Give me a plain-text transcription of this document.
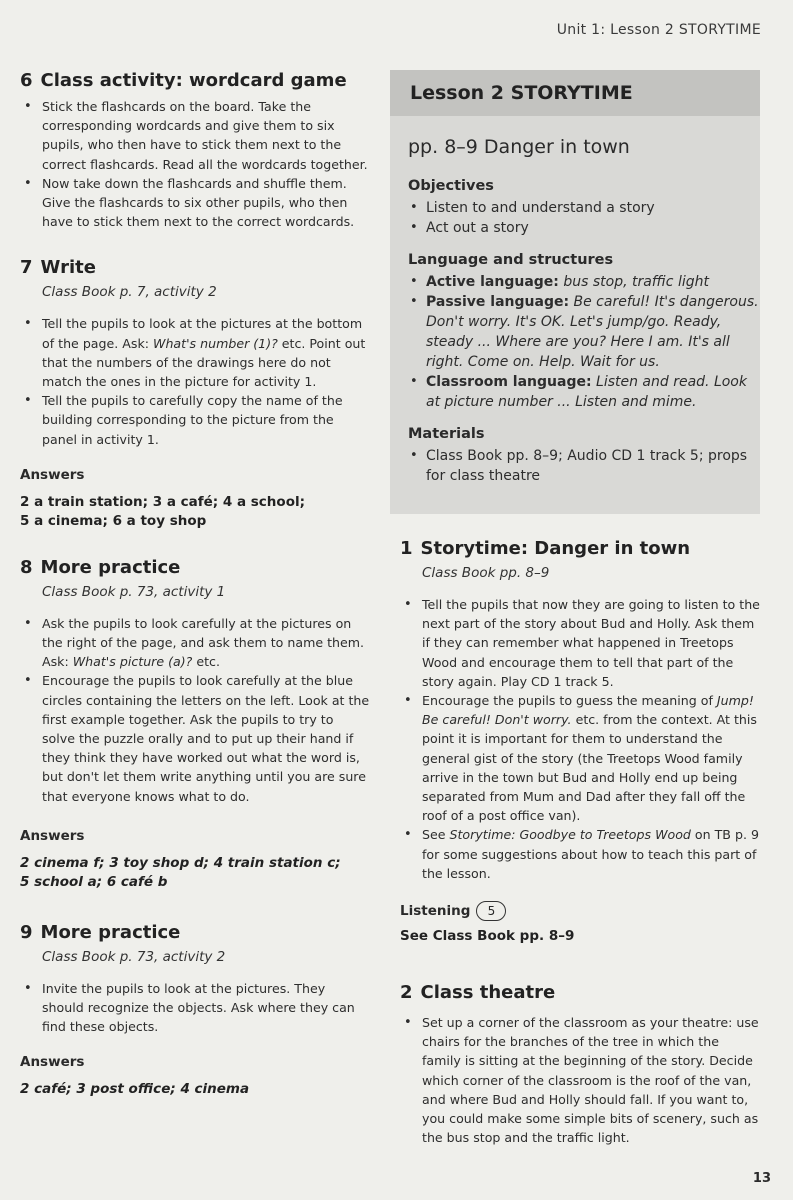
Unit 1: Lesson 2 STORYTIME
6 Class activity: wordcard game
• Stick the flashcards on the board. Take the corresponding wordcards and give them to six pupils, who then have to stick them next to the correct flashcards. Read all the wordcards together.
• Now take down the flashcards and shuffle them. Give the flashcards to six other pupils, who then have to stick them next to the correct wordcards.
7 Write

Class Book p. 7, activity 2

• Tell the pupils to look at the pictures at the bottom of the page. Ask: What's number (1)? etc. Point out that the numbers of the drawings here do not match the ones in the picture for activity 1.
• Tell the pupils to carefully copy the name of the building corresponding to the picture from the panel in activity 1.

Answers

2 a train station; 3 a café; 4 a school;
5 a cinema; 6 a toy shop

8 More practice

Class Book p. 73, activity 1

• Ask the pupils to look carefully at the pictures on the right of the page, and ask them to name them. Ask: What's picture (a)? etc.
• Encourage the pupils to look carefully at the blue circles containing the letters on the left. Look at the first example together. Ask the pupils to try to solve the puzzle orally and to put up their hand if they think they have worked out what the word is, but don't let them write anything until you are sure that everyone knows what to do.

Answers

2 cinema f; 3 toy shop d; 4 train station c;
5 school a; 6 café b

9 More practice

Class Book p. 73, activity 2

• Invite the pupils to look at the pictures. They should recognize the objects. Ask where they can find these objects.

Answers

2 café; 3 post office; 4 cinema

Lesson 2 STORYTIME

pp. 8–9 Danger in town

Objectives

• Listen to and understand a story
• Act out a story

Language and structures

• Active language: bus stop, traffic light
• Passive language: Be careful! It's dangerous. Don't worry. It's OK. Let's jump/go. Ready, steady ... Where are you? Here I am. It's all right. Come on. Help. Wait for us.
• Classroom language: Listen and read. Look at picture number ... Listen and mime.

Materials

• Class Book pp. 8–9; Audio CD 1 track 5; props for class theatre
1 Storytime: Danger in town

Class Book pp. 8–9

• Tell the pupils that now they are going to listen to the next part of the story about Bud and Holly. Ask them if they can remember what happened in Treetops Wood and encourage them to tell that part of the story again. Play CD 1 track 5.
• Encourage the pupils to guess the meaning of Jump! Be careful! Don't worry. etc. from the context. At this point it is important for them to understand the general gist of the story (the Treetops Wood family arrive in the town but Bud and Holly end up being separated from Mum and Dad after they fall off the roof of a post office van).
• See Storytime: Goodbye to Treetops Wood on TB p. 9 for some suggestions about how to teach this part of the lesson.

Listening	5

See Class Book pp. 8–9

2 Class theatre
• Set up a corner of the classroom as your theatre: use chairs for the branches of the tree in which the family is sitting at the beginning of the story. Decide which corner of the classroom is the roof of the van, and where Bud and Holly should fall. If you want to, you could make some simple bits of scenery, such as the bus stop and the traffic light.
13
